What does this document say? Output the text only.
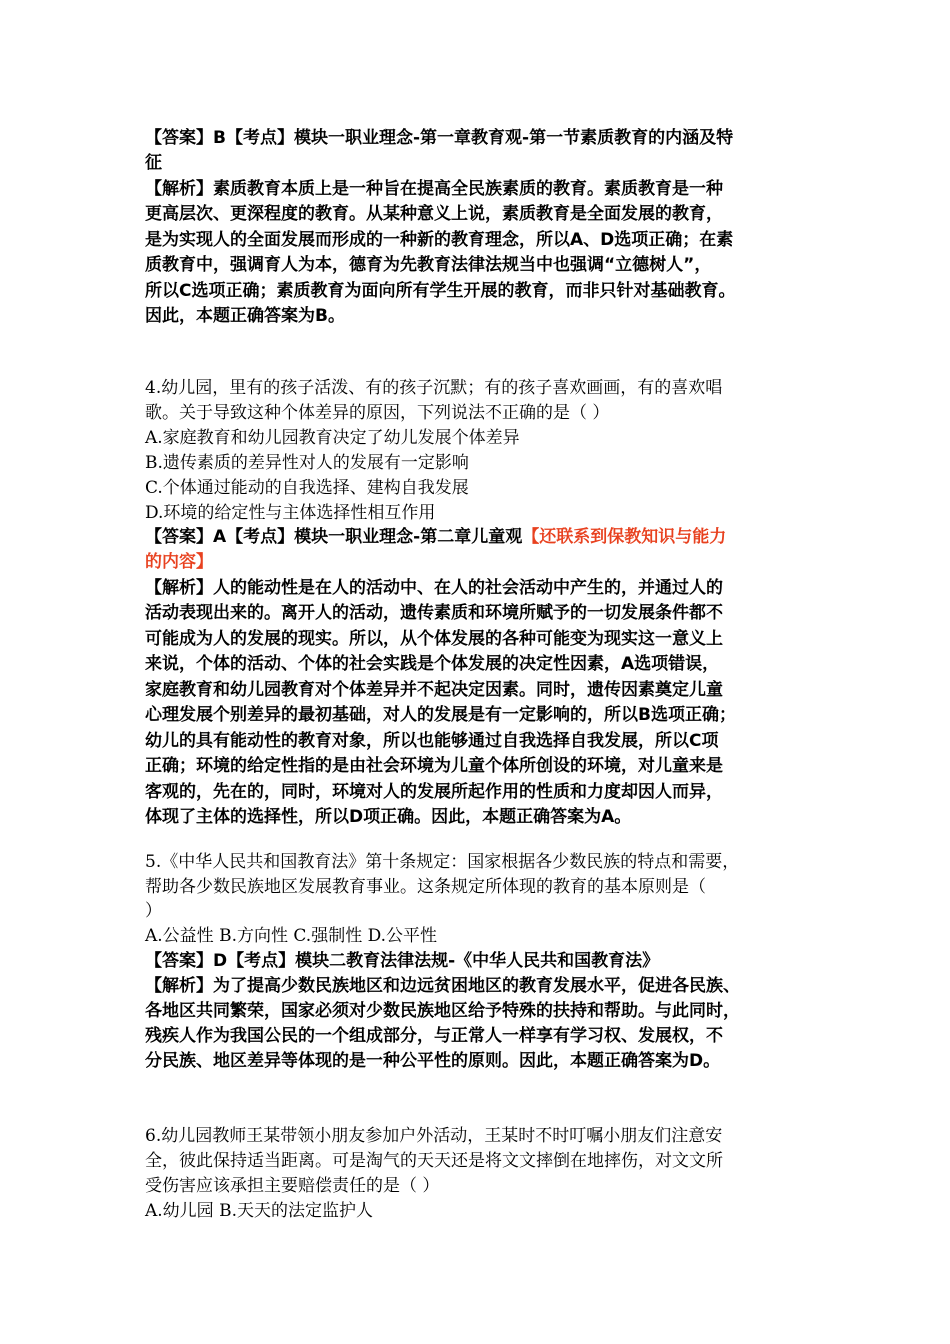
【答案】B【考点】模块一职业理念-第一章教育观-第一节素质教育的内涵及特
征
【解析】素质教育本质上是一种旨在提高全民族素质的教育。素质教育是一种
更高层次、更深程度的教育。从某种意义上说，素质教育是全面发展的教育，
是为实现人的全面发展而形成的一种新的教育理念，所以A、D选项正确；在素
质教育中，强调育人为本，德育为先教育法律法规当中也强调“立德树人”，
所以C选项正确；素质教育为面向所有学生开展的教育，而非只针对基础教育。
因此，本题正确答案为B。
4.幼儿园，里有的孩子活泼、有的孩子沉默；有的孩子喜欢画画，有的喜欢唱
歌。关于导致这种个体差异的原因，下列说法不正确的是（ ）
A.家庭教育和幼儿园教育决定了幼儿发展个体差异
B.遗传素质的差异性对人的发展有一定影响
C.个体通过能动的自我选择、建构自我发展
D.环境的给定性与主体选择性相互作用
【答案】A【考点】模块一职业理念-第二章儿童观【还联系到保教知识与能力
的内容】
【解析】人的能动性是在人的活动中、在人的社会活动中产生的，并通过人的
活动表现出来的。离开人的活动，遗传素质和环境所赋予的一切发展条件都不
可能成为人的发展的现实。所以，从个体发展的各种可能变为现实这一意义上
来说，个体的活动、个体的社会实践是个体发展的决定性因素，A选项错误，
家庭教育和幼儿园教育对个体差异并不起决定因素。同时，遗传因素奠定儿童
心理发展个别差异的最初基础，对人的发展是有一定影响的，所以B选项正确；
幼儿的具有能动性的教育对象，所以也能够通过自我选择自我发展，所以C项
正确；环境的给定性指的是由社会环境为儿童个体所创设的环境，对儿童来是
客观的，先在的，同时，环境对人的发展所起作用的性质和力度却因人而异，
体现了主体的选择性，所以D项正确。因此，本题正确答案为A。
5.《中华人民共和国教育法》第十条规定：国家根据各少数民族的特点和需要，
帮助各少数民族地区发展教育事业。这条规定所体现的教育的基本原则是（
）
A.公益性 B.方向性 C.强制性 D.公平性
【答案】D【考点】模块二教育法律法规-《中华人民共和国教育法》
【解析】为了提高少数民族地区和边远贫困地区的教育发展水平，促进各民族、
各地区共同繁荣，国家必须对少数民族地区给予特殊的扶持和帮助。与此同时，
残疾人作为我国公民的一个组成部分，与正常人一样享有学习权、发展权，不
分民族、地区差异等体现的是一种公平性的原则。因此，本题正确答案为D。
6.幼儿园教师王某带领小朋友参加户外活动，王某时不时叮嘱小朋友们注意安
全，彼此保持适当距离。可是淘气的天天还是将文文摔倒在地摔伤，对文文所
受伤害应该承担主要赔偿责任的是（ ）
A.幼儿园 B.天天的法定监护人
